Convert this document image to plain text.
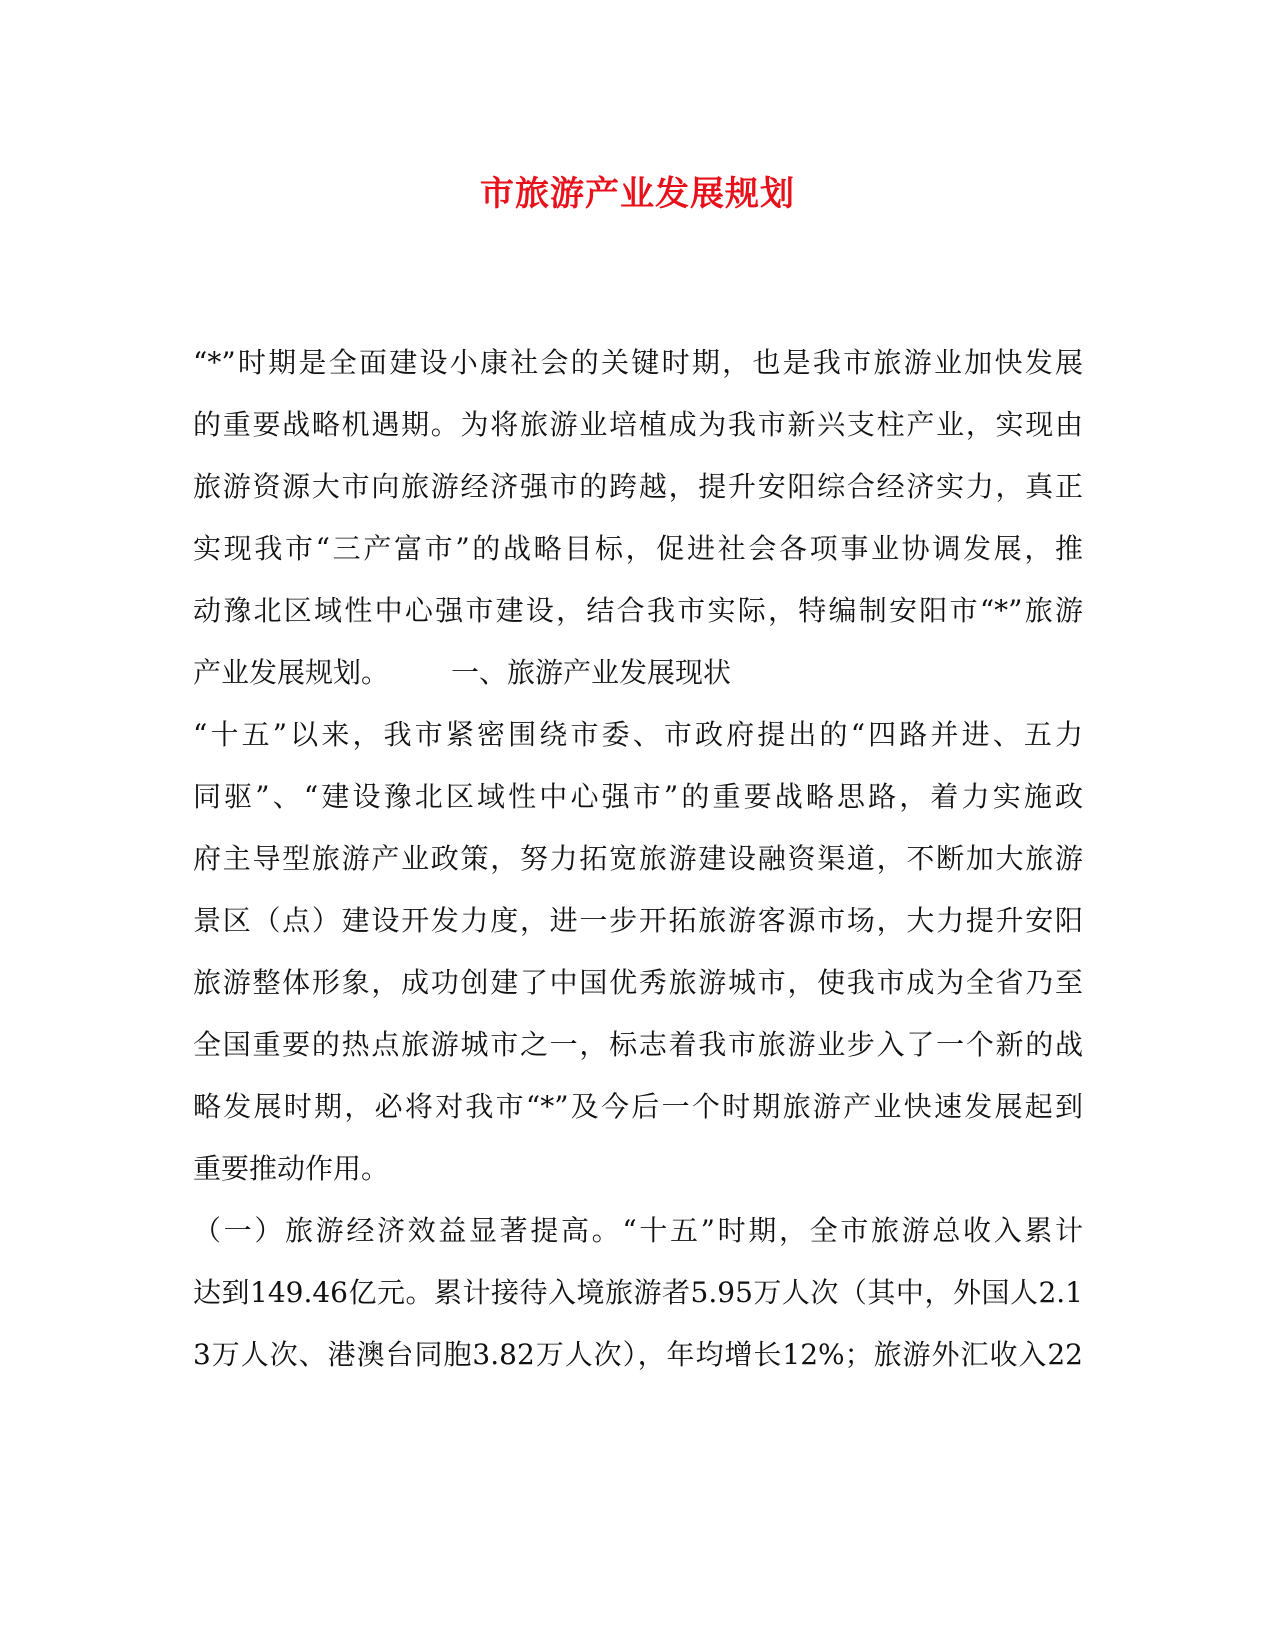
市旅游产业发展规划

“*”时期是全面建设小康社会的关键时期，也是我市旅游业加快发展

的重要战略机遇期。为将旅游业培植成为我市新兴支柱产业，实现由

旅游资源大市向旅游经济强市的跨越，提升安阳综合经济实力，真正

实现我市“三产富市”的战略目标，促进社会各项事业协调发展，推

动豫北区域性中心强市建设，结合我市实际，特编制安阳市“*”旅游

产业发展规划。 一、旅游产业发展现状

“十五”以来，我市紧密围绕市委、市政府提出的“四路并进、五力

同驱”、“建设豫北区域性中心强市”的重要战略思路，着力实施政

府主导型旅游产业政策，努力拓宽旅游建设融资渠道，不断加大旅游

景区（点）建设开发力度，进一步开拓旅游客源市场，大力提升安阳

旅游整体形象，成功创建了中国优秀旅游城市，使我市成为全省乃至

全国重要的热点旅游城市之一，标志着我市旅游业步入了一个新的战

略发展时期，必将对我市“*”及今后一个时期旅游产业快速发展起到

重要推动作用。

（一）旅游经济效益显著提高。“十五”时期，全市旅游总收入累计

达到149.46亿元。累计接待入境旅游者5.95万人次（其中，外国人2.1

3万人次、港澳台同胞3.82万人次），年均增长12%；旅游外汇收入22
